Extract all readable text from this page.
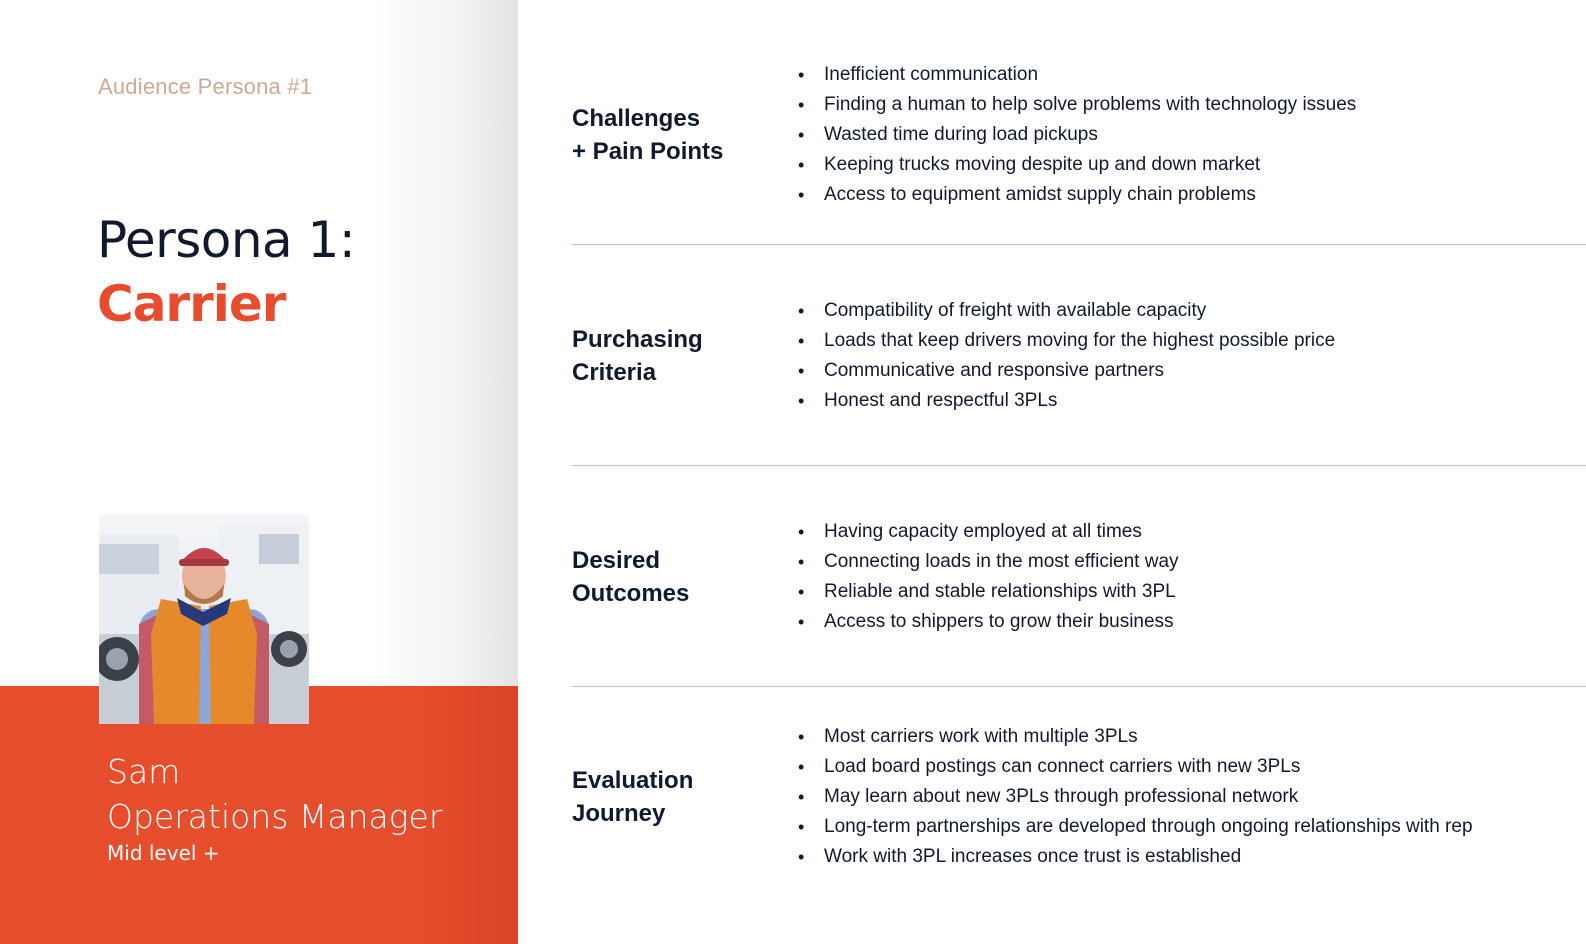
Audience Persona #1
Persona 1:
Carrier
Sam
Operations Manager
Mid level +
Challenges
+ Pain Points
• Inefficient communication
• Finding a human to help solve problems with technology issues
• Wasted time during load pickups
• Keeping trucks moving despite up and down market
• Access to equipment amidst supply chain problems
Purchasing
Criteria
• Compatibility of freight with available capacity
• Loads that keep drivers moving for the highest possible price
• Communicative and responsive partners
• Honest and respectful 3PLs
Desired
Outcomes
• Having capacity employed at all times
• Connecting loads in the most efficient way
• Reliable and stable relationships with 3PL
• Access to shippers to grow their business
Evaluation
Journey
• Most carriers work with multiple 3PLs
• Load board postings can connect carriers with new 3PLs
• May learn about new 3PLs through professional network
• Long-term partnerships are developed through ongoing relationships with rep
• Work with 3PL increases once trust is established
